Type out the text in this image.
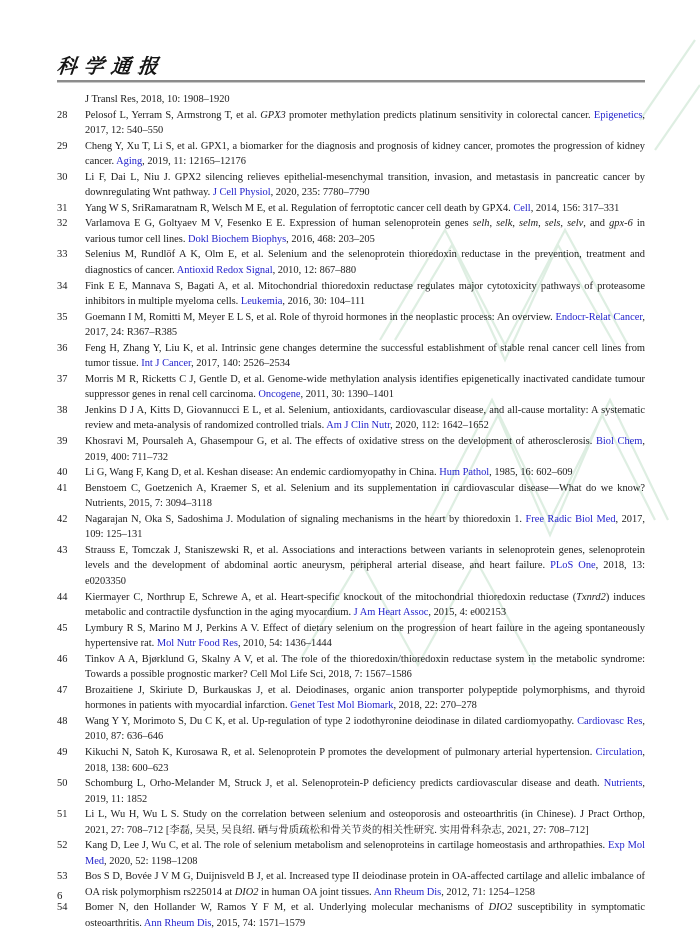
科学通报
J Transl Res, 2018, 10: 1908–1920
28	Pelosof L, Yerram S, Armstrong T, et al. GPX3 promoter methylation predicts platinum sensitivity in colorectal cancer. Epigenetics, 2017, 12: 540–550
29	Cheng Y, Xu T, Li S, et al. GPX1, a biomarker for the diagnosis and prognosis of kidney cancer, promotes the progression of kidney cancer. Aging, 2019, 11: 12165–12176
30	Li F, Dai L, Niu J. GPX2 silencing relieves epithelial-mesenchymal transition, invasion, and metastasis in pancreatic cancer by downregulating Wnt pathway. J Cell Physiol, 2020, 235: 7780–7790
31	Yang W S, SriRamaratnam R, Welsch M E, et al. Regulation of ferroptotic cancer cell death by GPX4. Cell, 2014, 156: 317–331
32	Varlamova E G, Goltyaev M V, Fesenko E E. Expression of human selenoprotein genes selh, selk, selm, sels, selv, and gpx-6 in various tumor cell lines. Dokl Biochem Biophys, 2016, 468: 203–205
33	Selenius M, Rundlöf A K, Olm E, et al. Selenium and the selenoprotein thioredoxin reductase in the prevention, treatment and diagnostics of cancer. Antioxid Redox Signal, 2010, 12: 867–880
34	Fink E E, Mannava S, Bagati A, et al. Mitochondrial thioredoxin reductase regulates major cytotoxicity pathways of proteasome inhibitors in multiple myeloma cells. Leukemia, 2016, 30: 104–111
35	Goemann I M, Romitti M, Meyer E L S, et al. Role of thyroid hormones in the neoplastic process: An overview. Endocr-Relat Cancer, 2017, 24: R367–R385
36	Feng H, Zhang Y, Liu K, et al. Intrinsic gene changes determine the successful establishment of stable renal cancer cell lines from tumor tissue. Int J Cancer, 2017, 140: 2526–2534
37	Morris M R, Ricketts C J, Gentle D, et al. Genome-wide methylation analysis identifies epigenetically inactivated candidate tumour suppressor genes in renal cell carcinoma. Oncogene, 2011, 30: 1390–1401
38	Jenkins D J A, Kitts D, Giovannucci E L, et al. Selenium, antioxidants, cardiovascular disease, and all-cause mortality: A systematic review and meta-analysis of randomized controlled trials. Am J Clin Nutr, 2020, 112: 1642–1652
39	Khosravi M, Poursaleh A, Ghasempour G, et al. The effects of oxidative stress on the development of atherosclerosis. Biol Chem, 2019, 400: 711–732
40	Li G, Wang F, Kang D, et al. Keshan disease: An endemic cardiomyopathy in China. Hum Pathol, 1985, 16: 602–609
41	Benstoem C, Goetzenich A, Kraemer S, et al. Selenium and its supplementation in cardiovascular disease—What do we know? Nutrients, 2015, 7: 3094–3118
42	Nagarajan N, Oka S, Sadoshima J. Modulation of signaling mechanisms in the heart by thioredoxin 1. Free Radic Biol Med, 2017, 109: 125–131
43	Strauss E, Tomczak J, Staniszewski R, et al. Associations and interactions between variants in selenoprotein genes, selenoprotein levels and the development of abdominal aortic aneurysm, peripheral arterial disease, and heart failure. PLoS One, 2018, 13: e0203350
44	Kiermayer C, Northrup E, Schrewe A, et al. Heart-specific knockout of the mitochondrial thioredoxin reductase (Txnrd2) induces metabolic and contractile dysfunction in the aging myocardium. J Am Heart Assoc, 2015, 4: e002153
45	Lymbury R S, Marino M J, Perkins A V. Effect of dietary selenium on the progression of heart failure in the ageing spontaneously hypertensive rat. Mol Nutr Food Res, 2010, 54: 1436–1444
46	Tinkov A A, Bjørklund G, Skalny A V, et al. The role of the thioredoxin/thioredoxin reductase system in the metabolic syndrome: Towards a possible prognostic marker? Cell Mol Life Sci, 2018, 7: 1567–1586
47	Brozaitiene J, Skiriute D, Burkauskas J, et al. Deiodinases, organic anion transporter polypeptide polymorphisms, and thyroid hormones in patients with myocardial infarction. Genet Test Mol Biomark, 2018, 22: 270–278
48	Wang Y Y, Morimoto S, Du C K, et al. Up-regulation of type 2 iodothyronine deiodinase in dilated cardiomyopathy. Cardiovasc Res, 2010, 87: 636–646
49	Kikuchi N, Satoh K, Kurosawa R, et al. Selenoprotein P promotes the development of pulmonary arterial hypertension. Circulation, 2018, 138: 600–623
50	Schomburg L, Orho-Melander M, Struck J, et al. Selenoprotein-P deficiency predicts cardiovascular disease and death. Nutrients, 2019, 11: 1852
51	Li L, Wu H, Wu L S. Study on the correlation between selenium and osteoporosis and osteoarthritis (in Chinese). J Pract Orthop, 2021, 27: 708–712 [李磊, 吴昊, 吴良绍. 硒与骨质疏松和骨关节炎的相关性研究. 实用骨科杂志, 2021, 27: 708–712]
52	Kang D, Lee J, Wu C, et al. The role of selenium metabolism and selenoproteins in cartilage homeostasis and arthropathies. Exp Mol Med, 2020, 52: 1198–1208
53	Bos S D, Bovée J V M G, Duijnisveld B J, et al. Increased type II deiodinase protein in OA-affected cartilage and allelic imbalance of OA risk polymorphism rs225014 at DIO2 in human OA joint tissues. Ann Rheum Dis, 2012, 71: 1254–1258
54	Bomer N, den Hollander W, Ramos Y F M, et al. Underlying molecular mechanisms of DIO2 susceptibility in symptomatic osteoarthritis. Ann Rheum Dis, 2015, 74: 1571–1579
6
